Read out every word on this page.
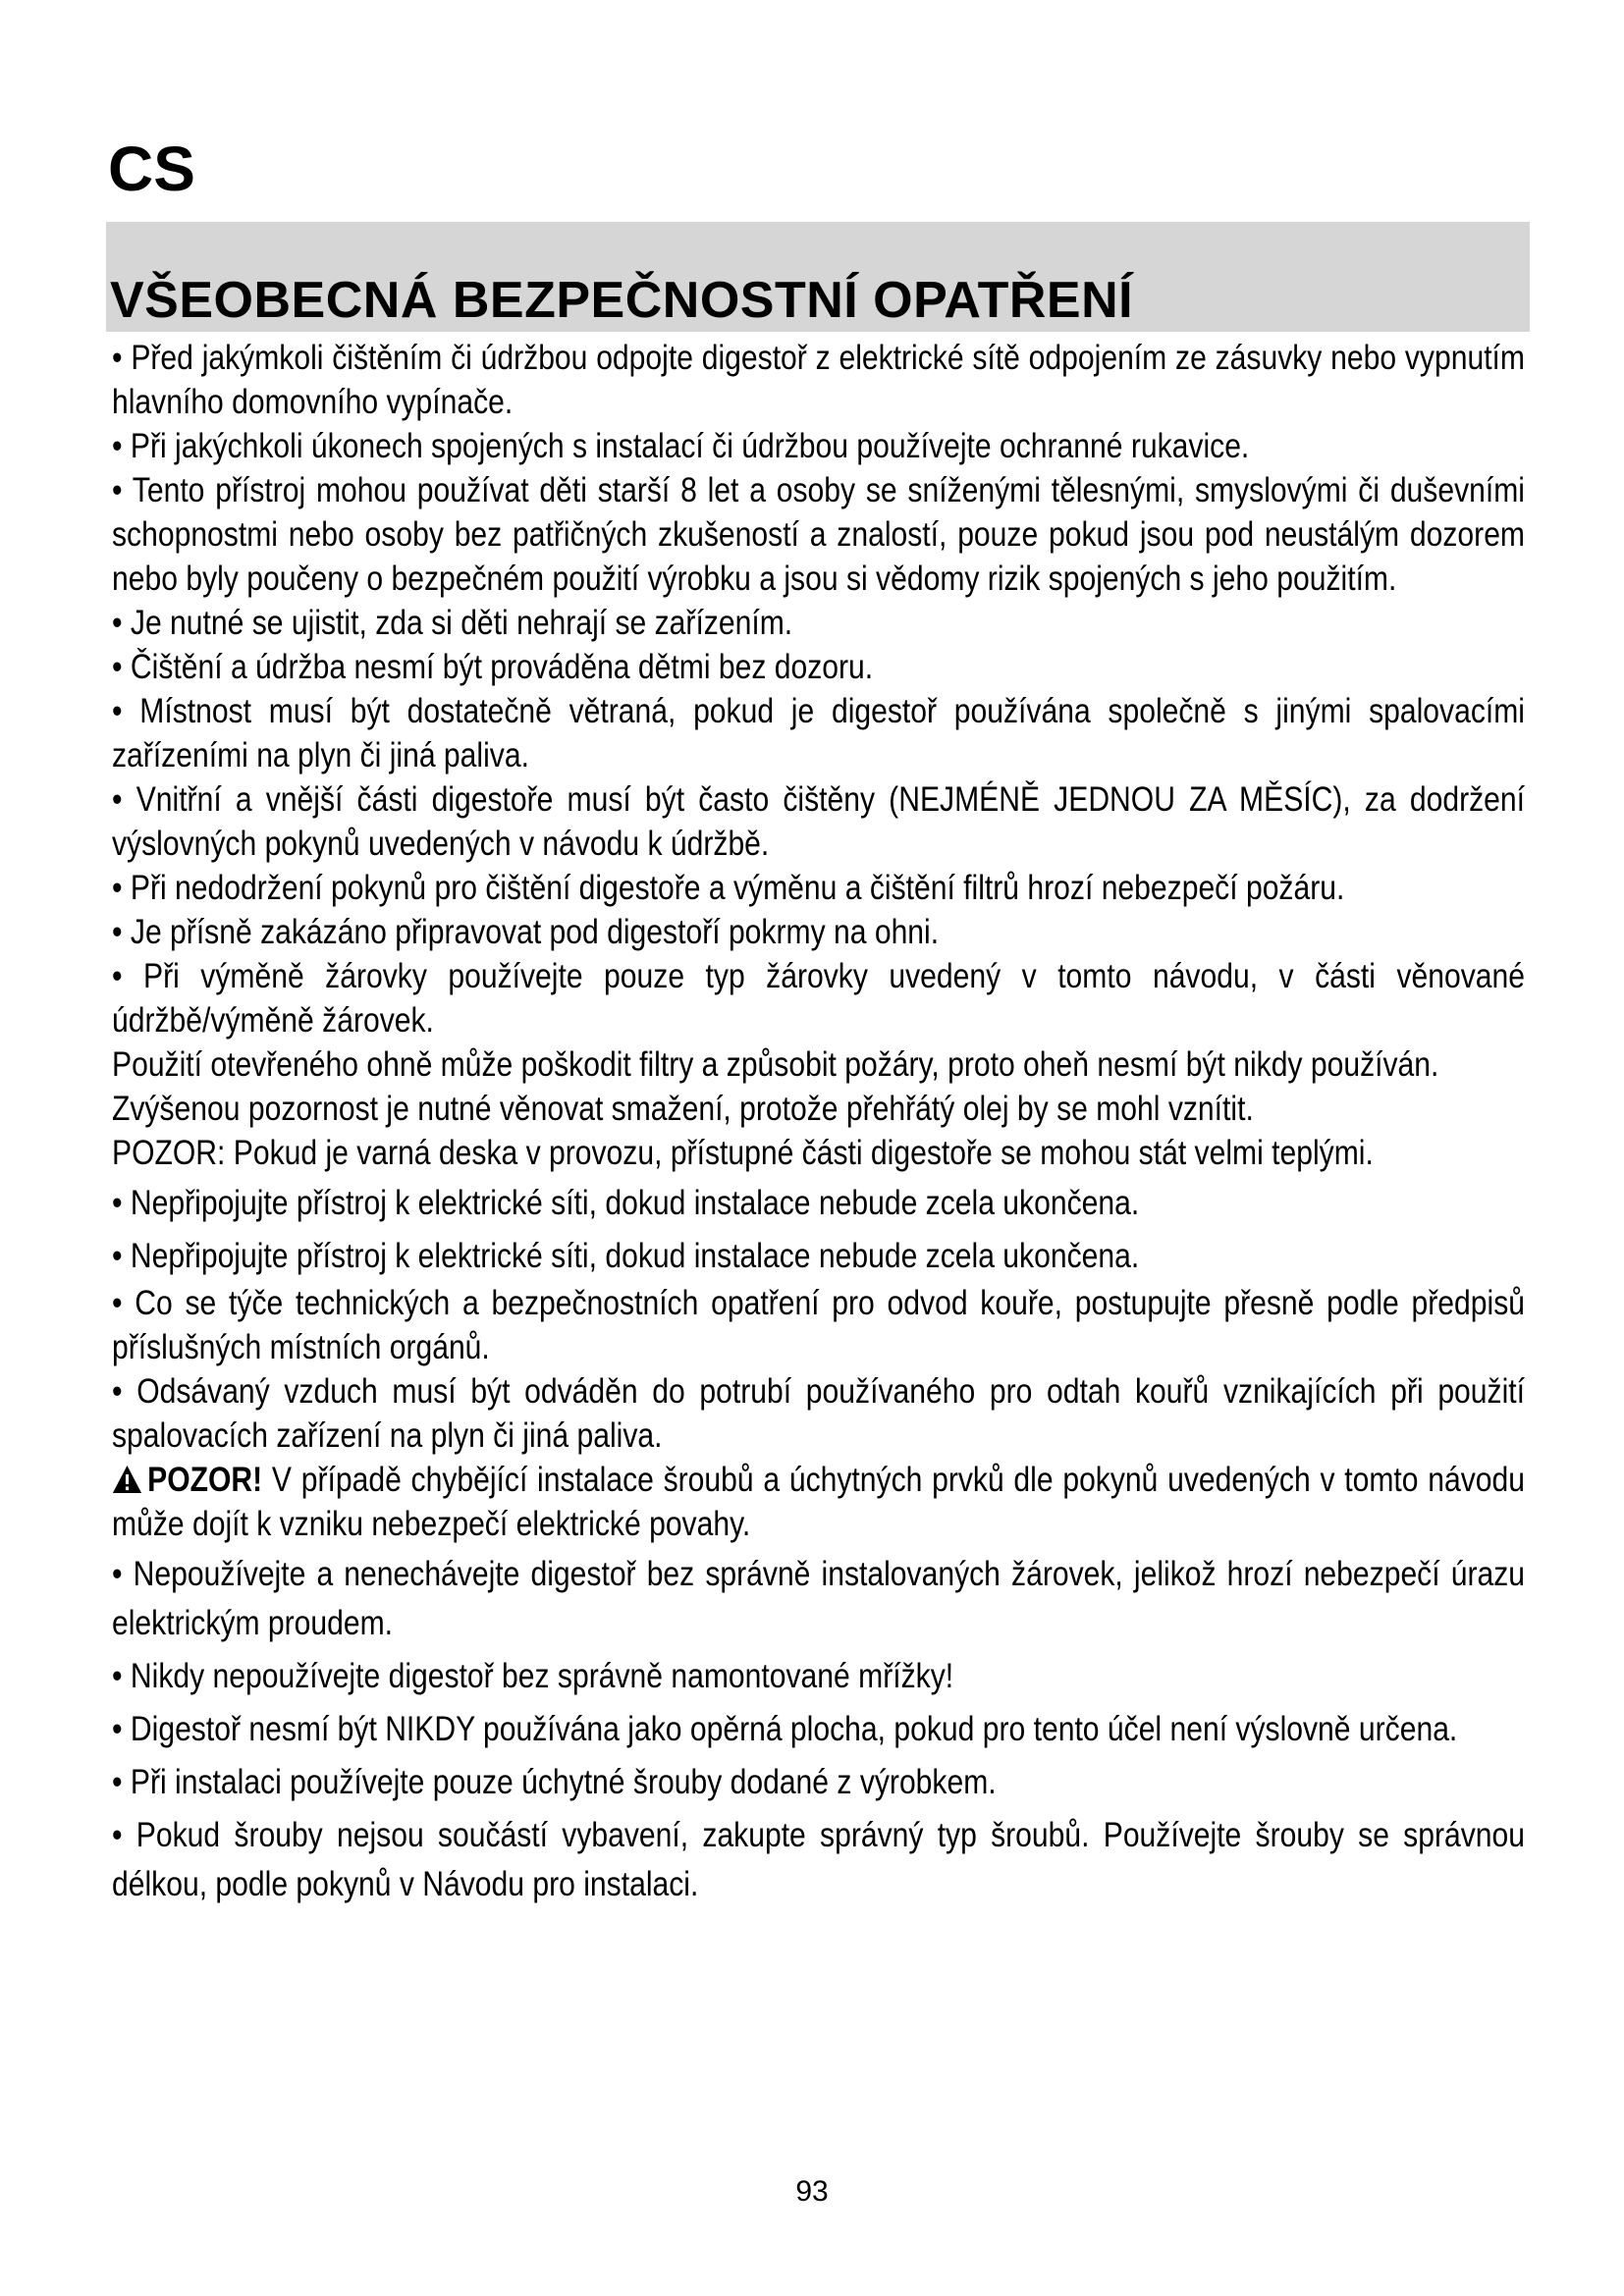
CS
VŠEOBECNÁ BEZPEČNOSTNÍ OPATŘENÍ

• Před jakýmkoli čištěním či údržbou odpojte digestoř z elektrické sítě odpojením ze zásuvky nebo vypnutím hlavního domovního vypínače.

• Při jakýchkoli úkonech spojených s instalací či údržbou používejte ochranné rukavice.

• Tento přístroj mohou používat děti starší 8 let a osoby se sníženými tělesnými, smyslovými či duševními schopnostmi nebo osoby bez patřičných zkušeností a znalostí, pouze pokud jsou pod neustálým dozorem nebo byly poučeny o bezpečném použití výrobku a jsou si vědomy rizik spojených s jeho použitím.

• Je nutné se ujistit, zda si děti nehrají se zařízením.

• Čištění a údržba nesmí být prováděna dětmi bez dozoru.

• Místnost musí být dostatečně větraná, pokud je digestoř používána společně s jinými spalovacími zařízeními na plyn či jiná paliva.

• Vnitřní a vnější části digestoře musí být často čištěny (NEJMÉNĚ JEDNOU ZA MĚSÍC), za dodržení výslovných pokynů uvedených v návodu k údržbě.

• Při nedodržení pokynů pro čištění digestoře a výměnu a čištění filtrů hrozí nebezpečí požáru.

• Je přísně zakázáno připravovat pod digestoří pokrmy na ohni.

• Při výměně žárovky používejte pouze typ žárovky uvedený v tomto návodu, v části věnované údržbě/výměně žárovek.

Použití otevřeného ohně může poškodit filtry a způsobit požáry, proto oheň nesmí být nikdy používán.

Zvýšenou pozornost je nutné věnovat smažení, protože přehřátý olej by se mohl vznítit.

POZOR: Pokud je varná deska v provozu, přístupné části digestoře se mohou stát velmi teplými.

• Nepřipojujte přístroj k elektrické síti, dokud instalace nebude zcela ukončena.

• Nepřipojujte přístroj k elektrické síti, dokud instalace nebude zcela ukončena.

• Co se týče technických a bezpečnostních opatření pro odvod kouře, postupujte přesně podle předpisů příslušných místních orgánů.

• Odsávaný vzduch musí být odváděn do potrubí používaného pro odtah kouřů vznikajících při použití spalovacích zařízení na plyn či jiná paliva.

POZOR! V případě chybějící instalace šroubů a úchytných prvků dle pokynů uvedených v tomto návodu může dojít k vzniku nebezpečí elektrické povahy.

• Nepoužívejte a nenechávejte digestoř bez správně instalovaných žárovek, jelikož hrozí nebezpečí úrazu elektrickým proudem.

• Nikdy nepoužívejte digestoř bez správně namontované mřížky!

• Digestoř nesmí být NIKDY používána jako opěrná plocha, pokud pro tento účel není výslovně určena.

• Při instalaci používejte pouze úchytné šrouby dodané z výrobkem.

• Pokud šrouby nejsou součástí vybavení, zakupte správný typ šroubů. Používejte šrouby se správnou délkou, podle pokynů v Návodu pro instalaci.

93
